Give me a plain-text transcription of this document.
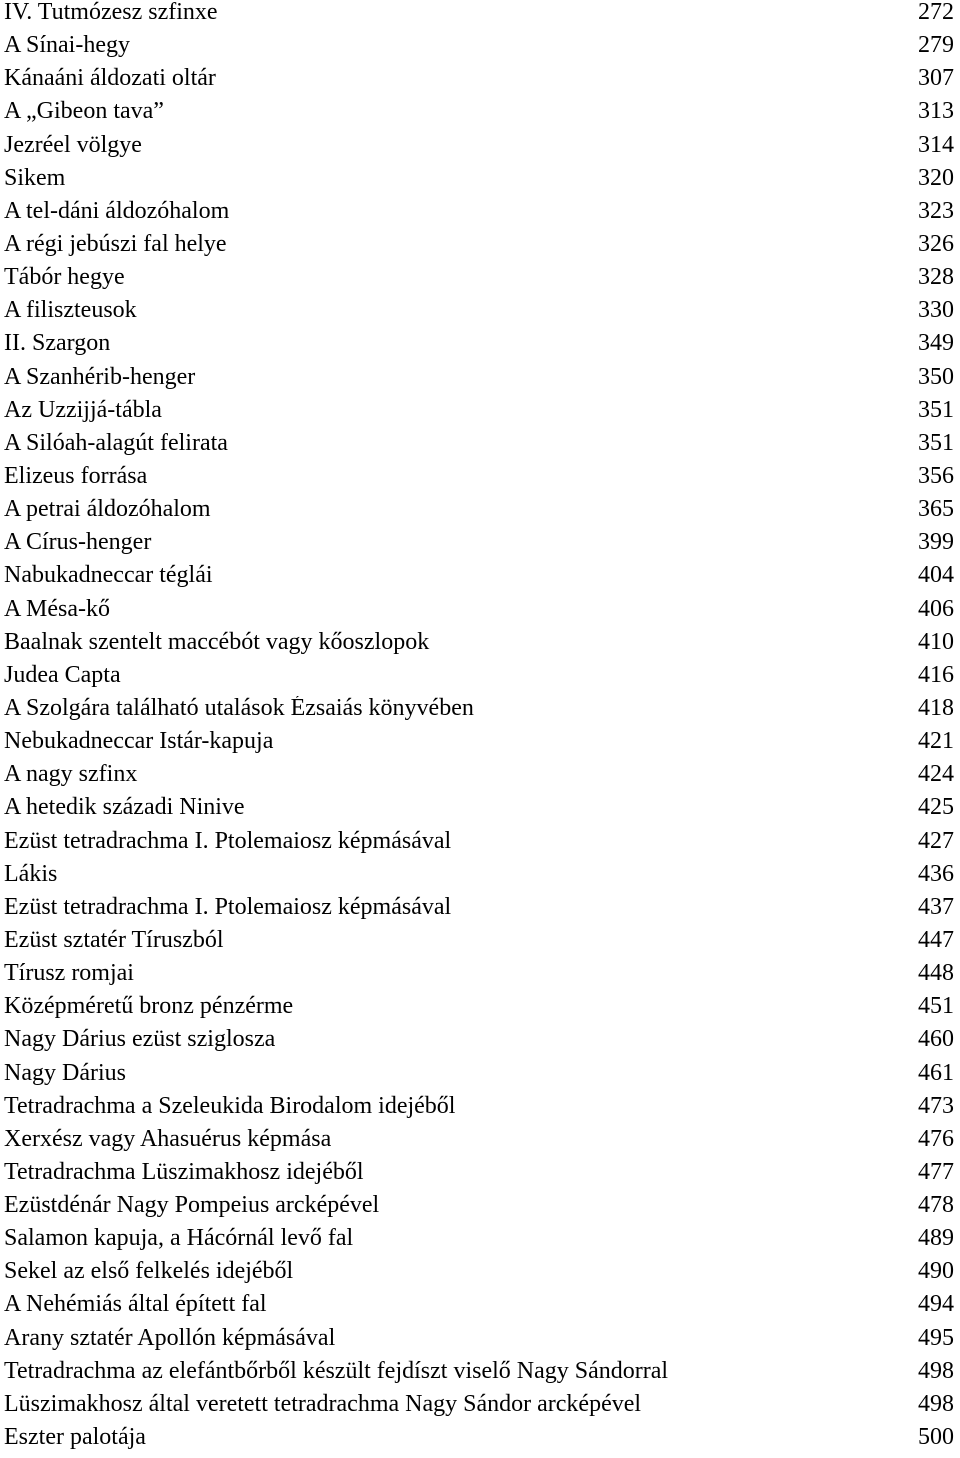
IV. Tutmózesz szfinxe	272
A Sínai-hegy	279
Kánaáni áldozati oltár	307
A „Gibeon tava”	313
Jezréel völgye	314
Sikem	320
A tel-dáni áldozóhalom	323
A régi jebúszi fal helye	326
Tábór hegye	328
A filiszteusok	330
II. Szargon	349
A Szanhérib-henger	350
Az Uzzijjá-tábla	351
A Silóah-alagút felirata	351
Elizeus forrása	356
A petrai áldozóhalom	365
A Círus-henger	399
Nabukadneccar téglái	404
A Mésa-kő	406
Baalnak szentelt maccébót vagy kőoszlopok	410
Judea Capta	416
A Szolgára található utalások Ézsaiás könyvében	418
Nebukadneccar Istár-kapuja	421
A nagy szfinx	424
A hetedik századi Ninive	425
Ezüst tetradrachma I. Ptolemaiosz képmásával	427
Lákis	436
Ezüst tetradrachma I. Ptolemaiosz képmásával	437
Ezüst sztatér Tíruszból	447
Tírusz romjai	448
Középméretű bronz pénzérme	451
Nagy Dárius ezüst sziglosza	460
Nagy Dárius	461
Tetradrachma a Szeleukida Birodalom idejéből	473
Xerxész vagy Ahasuérus képmása	476
Tetradrachma Lüszimakhosz idejéből	477
Ezüstdénár Nagy Pompeius arcképével	478
Salamon kapuja, a Hácórnál levő fal	489
Sekel az első felkelés idejéből	490
A Nehémiás által épített fal	494
Arany sztatér Apollón képmásával	495
Tetradrachma az elefántbőrből készült fejdíszt viselő Nagy Sándorral	498
Lüszimakhosz által veretett tetradrachma Nagy Sándor arcképével	498
Eszter palotája	500
